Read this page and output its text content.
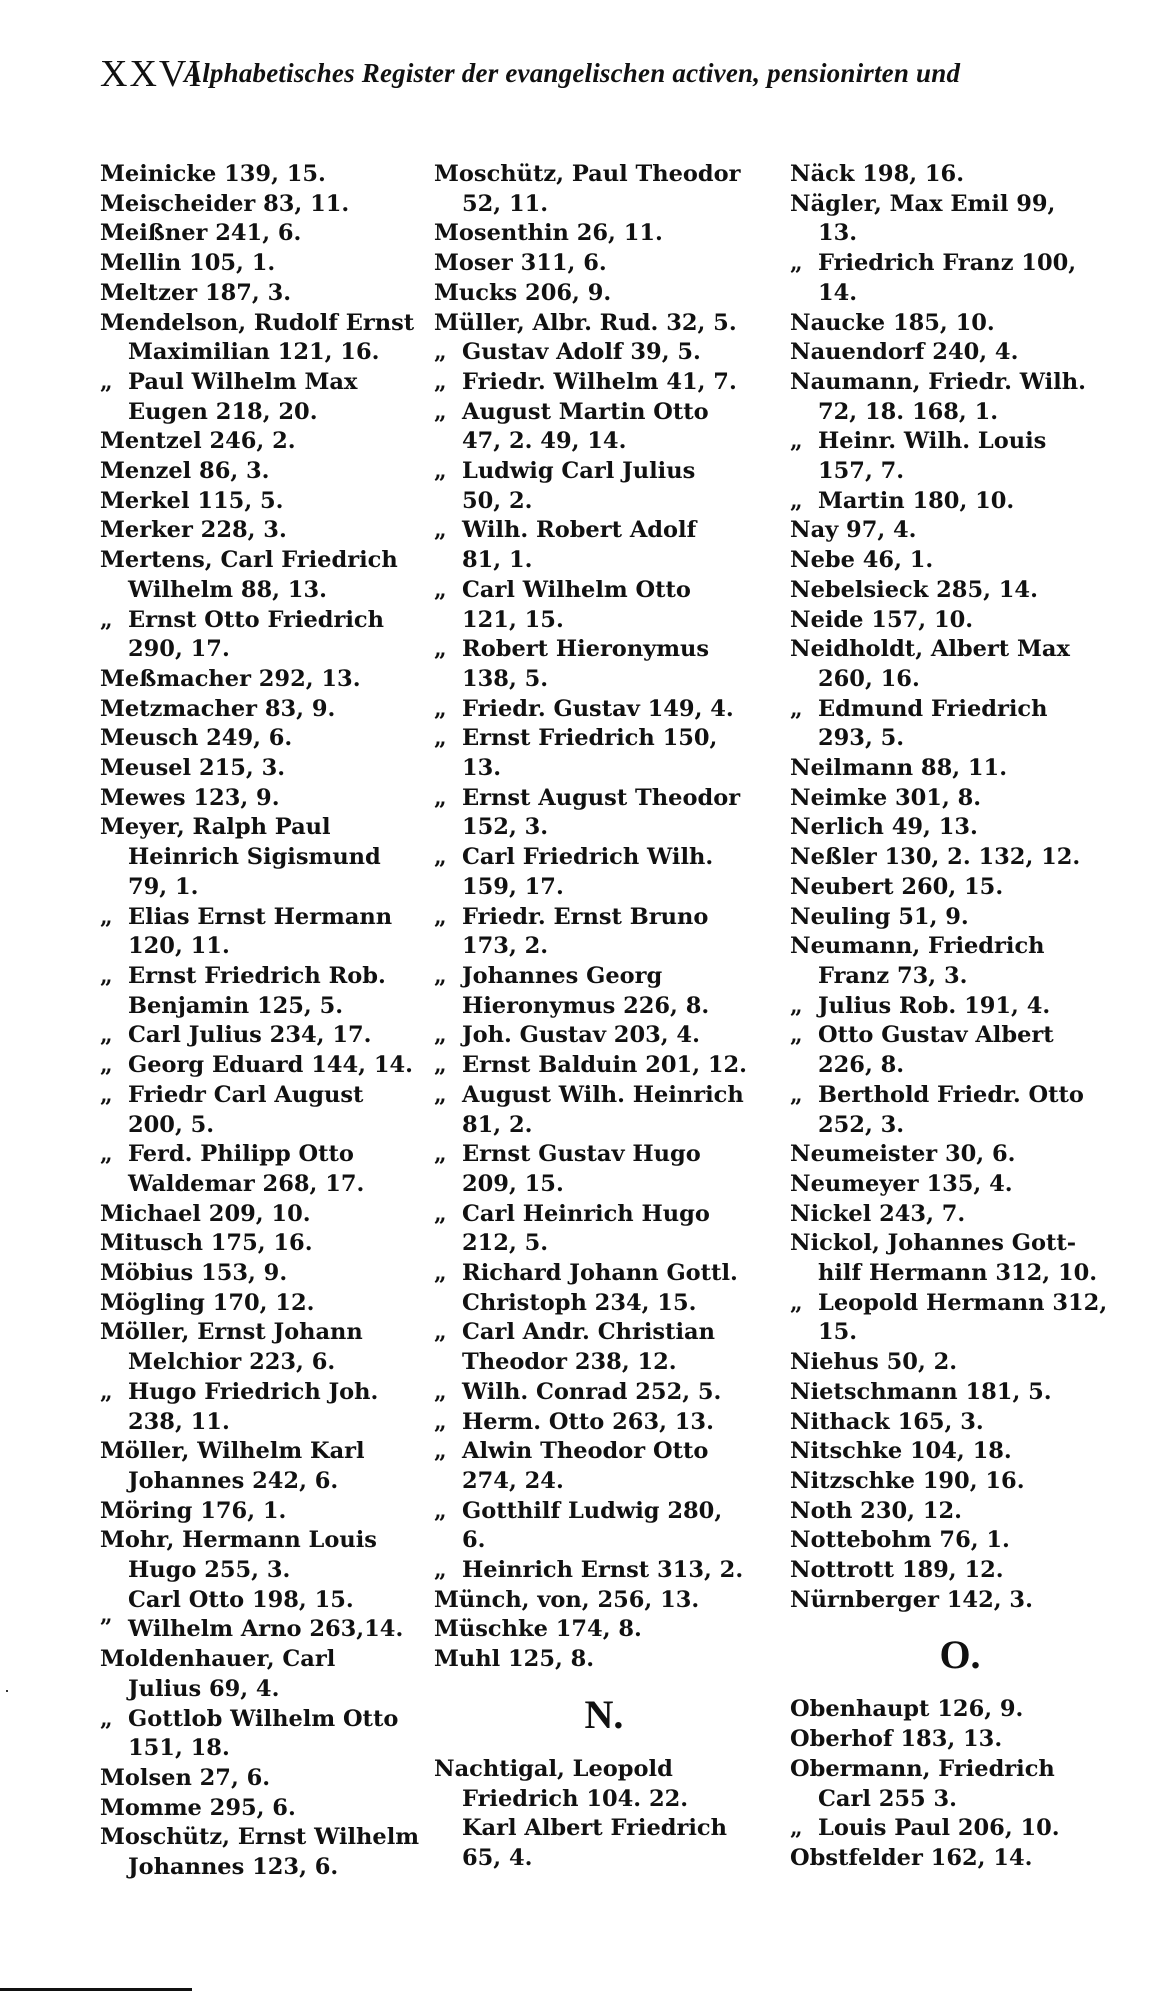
XXVI
Alphabetisches Register der evangelischen activen, pensionirten und
Meinicke 139, 15.
Meischeider 83, 11.
Meißner 241, 6.
Mellin 105, 1.
Meltzer 187, 3.
Mendelson, Rudolf Ernst
Maximilian 121, 16.
„ Paul Wilhelm Max
Eugen 218, 20.
Mentzel 246, 2.
Menzel 86, 3.
Merkel 115, 5.
Merker 228, 3.
Mertens, Carl Friedrich
Wilhelm 88, 13.
„ Ernst Otto Friedrich
290, 17.
Meßmacher 292, 13.
Metzmacher 83, 9.
Meusch 249, 6.
Meusel 215, 3.
Mewes 123, 9.
Meyer, Ralph Paul
Heinrich Sigismund
79, 1.
„ Elias Ernst Hermann
120, 11.
„ Ernst Friedrich Rob.
Benjamin 125, 5.
„ Carl Julius 234, 17.
„ Georg Eduard 144, 14.
„ Friedr Carl August
200, 5.
„ Ferd. Philipp Otto
Waldemar 268, 17.
Michael 209, 10.
Mitusch 175, 16.
Möbius 153, 9.
Mögling 170, 12.
Möller, Ernst Johann
Melchior 223, 6.
„ Hugo Friedrich Joh.
238, 11.
Möller, Wilhelm Karl
Johannes 242, 6.
Möring 176, 1.
Mohr, Hermann Louis
Hugo 255, 3.
„
Carl Otto 198, 15.
Wilhelm Arno 263,14.
Moldenhauer, Carl
Julius 69, 4.
„ Gottlob Wilhelm Otto
151, 18.
Molsen 27, 6.
Momme 295, 6.
Moschütz, Ernst Wilhelm
Johannes 123, 6.
Moschütz, Paul Theodor
52, 11.
Mosenthin 26, 11.
Moser 311, 6.
Mucks 206, 9.
Müller, Albr. Rud. 32, 5.
„ Gustav Adolf 39, 5.
„ Friedr. Wilhelm 41, 7.
„ August Martin Otto
47, 2. 49, 14.
„ Ludwig Carl Julius
50, 2.
„ Wilh. Robert Adolf
81, 1.
„ Carl Wilhelm Otto
121, 15.
„ Robert Hieronymus
138, 5.
„ Friedr. Gustav 149, 4.
„ Ernst Friedrich 150,
13.
„ Ernst August Theodor
152, 3.
„ Carl Friedrich Wilh.
159, 17.
„ Friedr. Ernst Bruno
173, 2.
„ Johannes Georg
Hieronymus 226, 8.
„ Joh. Gustav 203, 4.
„ Ernst Balduin 201, 12.
„ August Wilh. Heinrich
81, 2.
„ Ernst Gustav Hugo
209, 15.
„ Carl Heinrich Hugo
212, 5.
„ Richard Johann Gottl.
Christoph 234, 15.
„ Carl Andr. Christian
Theodor 238, 12.
„ Wilh. Conrad 252, 5.
„ Herm. Otto 263, 13.
„ Alwin Theodor Otto
274, 24.
„ Gotthilf Ludwig 280,
6.
„ Heinrich Ernst 313, 2.
Münch, von, 256, 13.
Müschke 174, 8.
Muhl 125, 8.
N.
Nachtigal, Leopold
Friedrich 104. 22.
Karl Albert Friedrich
65, 4.
Näck 198, 16.
Nägler, Max Emil 99,
13.
„ Friedrich Franz 100,
14.
Naucke 185, 10.
Nauendorf 240, 4.
Naumann, Friedr. Wilh.
72, 18. 168, 1.
„ Heinr. Wilh. Louis
157, 7.
„ Martin 180, 10.
Nay 97, 4.
Nebe 46, 1.
Nebelsieck 285, 14.
Neide 157, 10.
Neidholdt, Albert Max
260, 16.
„ Edmund Friedrich
293, 5.
Neilmann 88, 11.
Neimke 301, 8.
Nerlich 49, 13.
Neßler 130, 2. 132, 12.
Neubert 260, 15.
Neuling 51, 9.
Neumann, Friedrich
Franz 73, 3.
„ Julius Rob. 191, 4.
„ Otto Gustav Albert
226, 8.
„ Berthold Friedr. Otto
252, 3.
Neumeister 30, 6.
Neumeyer 135, 4.
Nickel 243, 7.
Nickol, Johannes Gott-
hilf Hermann 312, 10.
„ Leopold Hermann 312,
15.
Niehus 50, 2.
Nietschmann 181, 5.
Nithack 165, 3.
Nitschke 104, 18.
Nitzschke 190, 16.
Noth 230, 12.
Nottebohm 76, 1.
Nottrott 189, 12.
Nürnberger 142, 3.
O.
Obenhaupt 126, 9.
Oberhof 183, 13.
Obermann, Friedrich
Carl 255 3.
„ Louis Paul 206, 10.
Obstfelder 162, 14.
